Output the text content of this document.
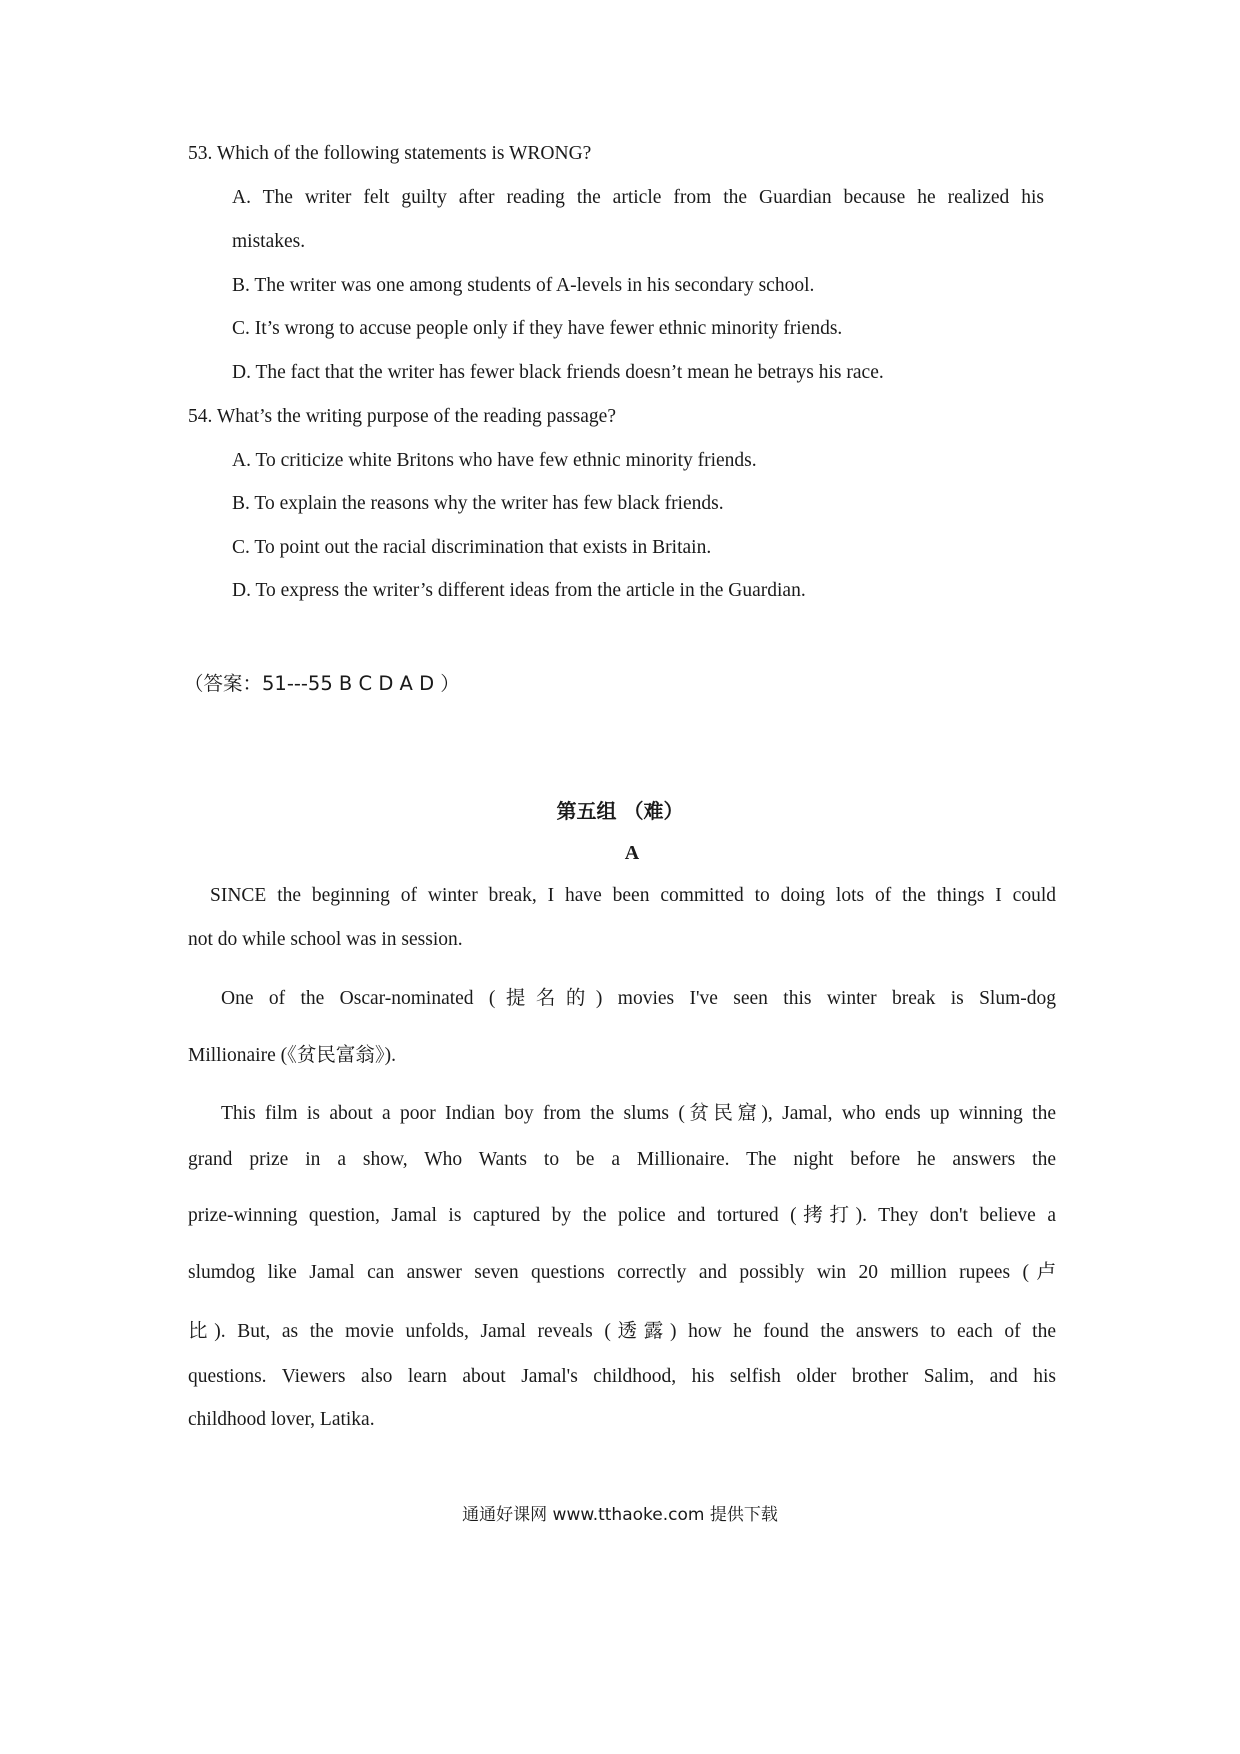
53. Which of the following statements is WRONG?
A. The writer felt guilty after reading the article from the Guardian because he realized his
mistakes.
B. The writer was one among students of A-levels in his secondary school.
C. It’s wrong to accuse people only if they have fewer ethnic minority friends.
D. The fact that the writer has fewer black friends doesn’t mean he betrays his race.
54. What’s the writing purpose of the reading passage?
A. To criticize white Britons who have few ethnic minority friends.
B. To explain the reasons why the writer has few black friends.
C. To point out the racial discrimination that exists in Britain.
D. To express the writer’s different ideas from the article in the Guardian.
（答案：51---55 B C D A D ）
第五组 （难）
A
SINCE the beginning of winter break, I have been committed to doing lots of the things I could
not do while school was in session.
One of the Oscar-nominated (提名的) movies I've seen this winter break is Slum-dog
Millionaire (《贫民富翁》).
This film is about a poor Indian boy from the slums (贫民窟), Jamal, who ends up winning the
grand prize in a show, Who Wants to be a Millionaire. The night before he answers the
prize-winning question, Jamal is captured by the police and tortured (拷打). They don't believe a
slumdog like Jamal can answer seven questions correctly and possibly win 20 million rupees (卢
比). But, as the movie unfolds, Jamal reveals (透露) how he found the answers to each of the
questions. Viewers also learn about Jamal's childhood, his selfish older brother Salim, and his
childhood lover, Latika.
通通好课网 www.tthaoke.com 提供下载
